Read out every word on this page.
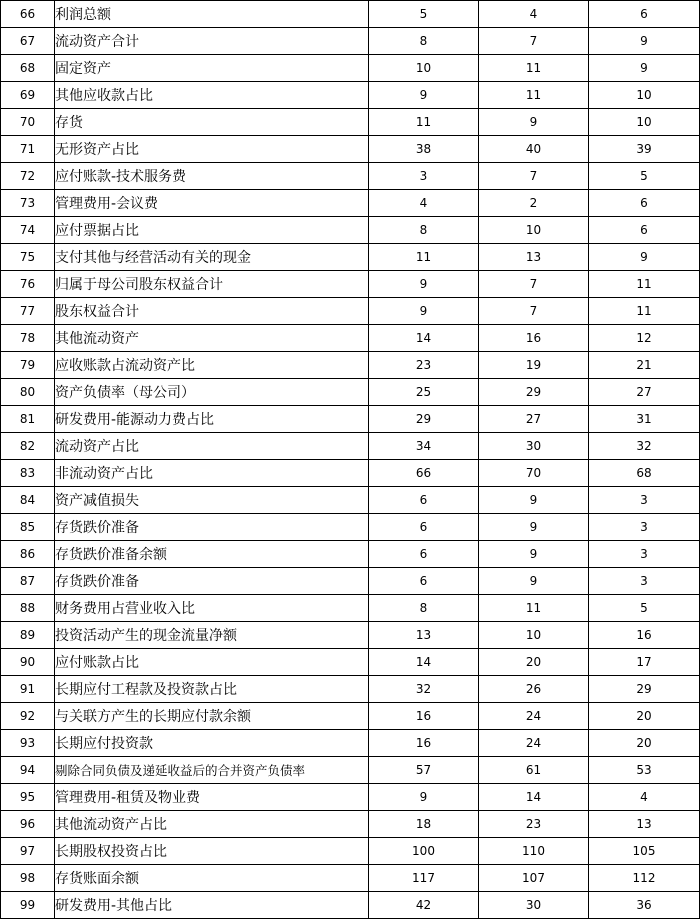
66	利润总额	5	4	6
67	流动资产合计	8	7	9
68	固定资产	10	11	9
69	其他应收款占比	9	11	10
70	存货	11	9	10
71	无形资产占比	38	40	39
72	应付账款-技术服务费	3	7	5
73	管理费用-会议费	4	2	6
74	应付票据占比	8	10	6
75	支付其他与经营活动有关的现金	11	13	9
76	归属于母公司股东权益合计	9	7	11
77	股东权益合计	9	7	11
78	其他流动资产	14	16	12
79	应收账款占流动资产比	23	19	21
80	资产负债率（母公司）	25	29	27
81	研发费用-能源动力费占比	29	27	31
82	流动资产占比	34	30	32
83	非流动资产占比	66	70	68
84	资产减值损失	6	9	3
85	存货跌价准备	6	9	3
86	存货跌价准备余额	6	9	3
87	存货跌价准备	6	9	3
88	财务费用占营业收入比	8	11	5
89	投资活动产生的现金流量净额	13	10	16
90	应付账款占比	14	20	17
91	长期应付工程款及投资款占比	32	26	29
92	与关联方产生的长期应付款余额	16	24	20
93	长期应付投资款	16	24	20
94	剔除合同负债及递延收益后的合并资产负债率	57	61	53
95	管理费用-租赁及物业费	9	14	4
96	其他流动资产占比	18	23	13
97	长期股权投资占比	100	110	105
98	存货账面余额	117	107	112
99	研发费用-其他占比	42	30	36
